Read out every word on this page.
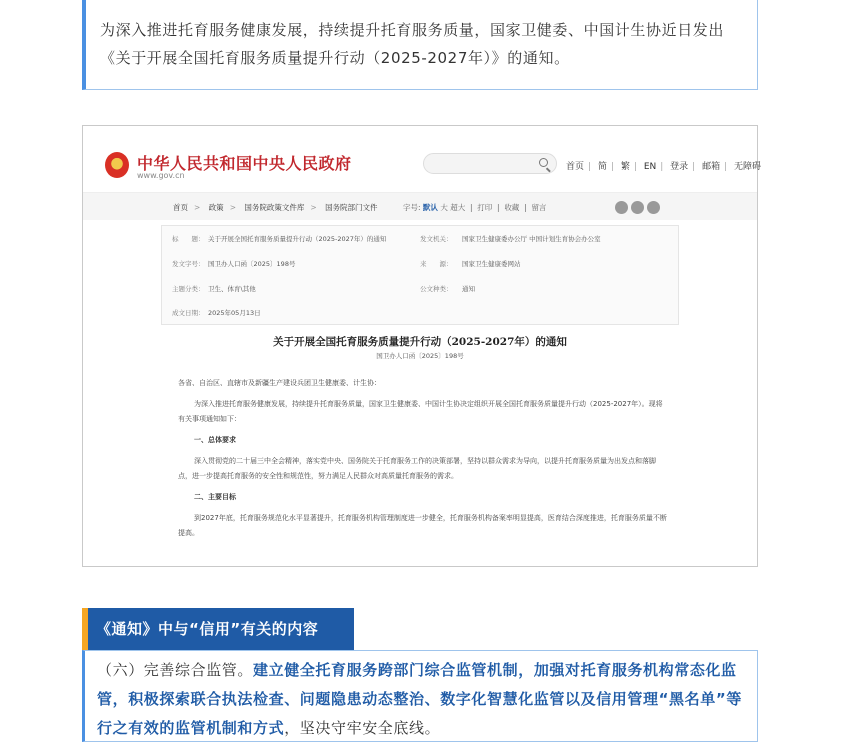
为深入推进托育服务健康发展，持续提升托育服务质量，国家卫健委、中国计生协近日发出《关于开展全国托育服务质量提升行动（2025-2027年）》的通知。
中华人民共和国中央人民政府
www.gov.cn
首页 | 简 | 繁 | EN | 登录 | 邮箱 | 无障碍
首页 > 政策 > 国务院政策文件库 > 国务院部门文件	字号: 默认 大 超大  |  打印  |  收藏  |  留言
标　　题： 关于开展全国托育服务质量提升行动（2025-2027年）的通知	发文机关： 国家卫生健康委办公厅 中国计划生育协会办公室
发文字号： 国卫办人口函〔2025〕198号	来　　源： 国家卫生健康委网站
主题分类： 卫生、体育\其他	公文种类： 通知
成文日期： 2025年05月13日
关于开展全国托育服务质量提升行动（2025-2027年）的通知
国卫办人口函〔2025〕198号

各省、自治区、直辖市及新疆生产建设兵团卫生健康委、计生协：

为深入推进托育服务健康发展，持续提升托育服务质量，国家卫生健康委、中国计生协决定组织开展全国托育服务质量提升行动（2025-2027年）。现将有关事项通知如下：

一、总体要求

深入贯彻党的二十届三中全会精神，落实党中央、国务院关于托育服务工作的决策部署，坚持以群众需求为导向，以提升托育服务质量为出发点和落脚点，进一步提高托育服务的安全性和规范性，努力满足人民群众对高质量托育服务的需求。

二、主要目标

到2027年底，托育服务规范化水平显著提升，托育服务机构管理制度进一步健全，托育服务机构备案率明显提高，医育结合深度推进，托育服务质量不断提高。

《通知》中与“信用”有关的内容
（六）完善综合监管。建立健全托育服务跨部门综合监管机制，加强对托育服务机构常态化监管，积极探索联合执法检查、问题隐患动态整治、数字化智慧化监管以及信用管理“黑名单”等行之有效的监管机制和方式，坚决守牢安全底线。
